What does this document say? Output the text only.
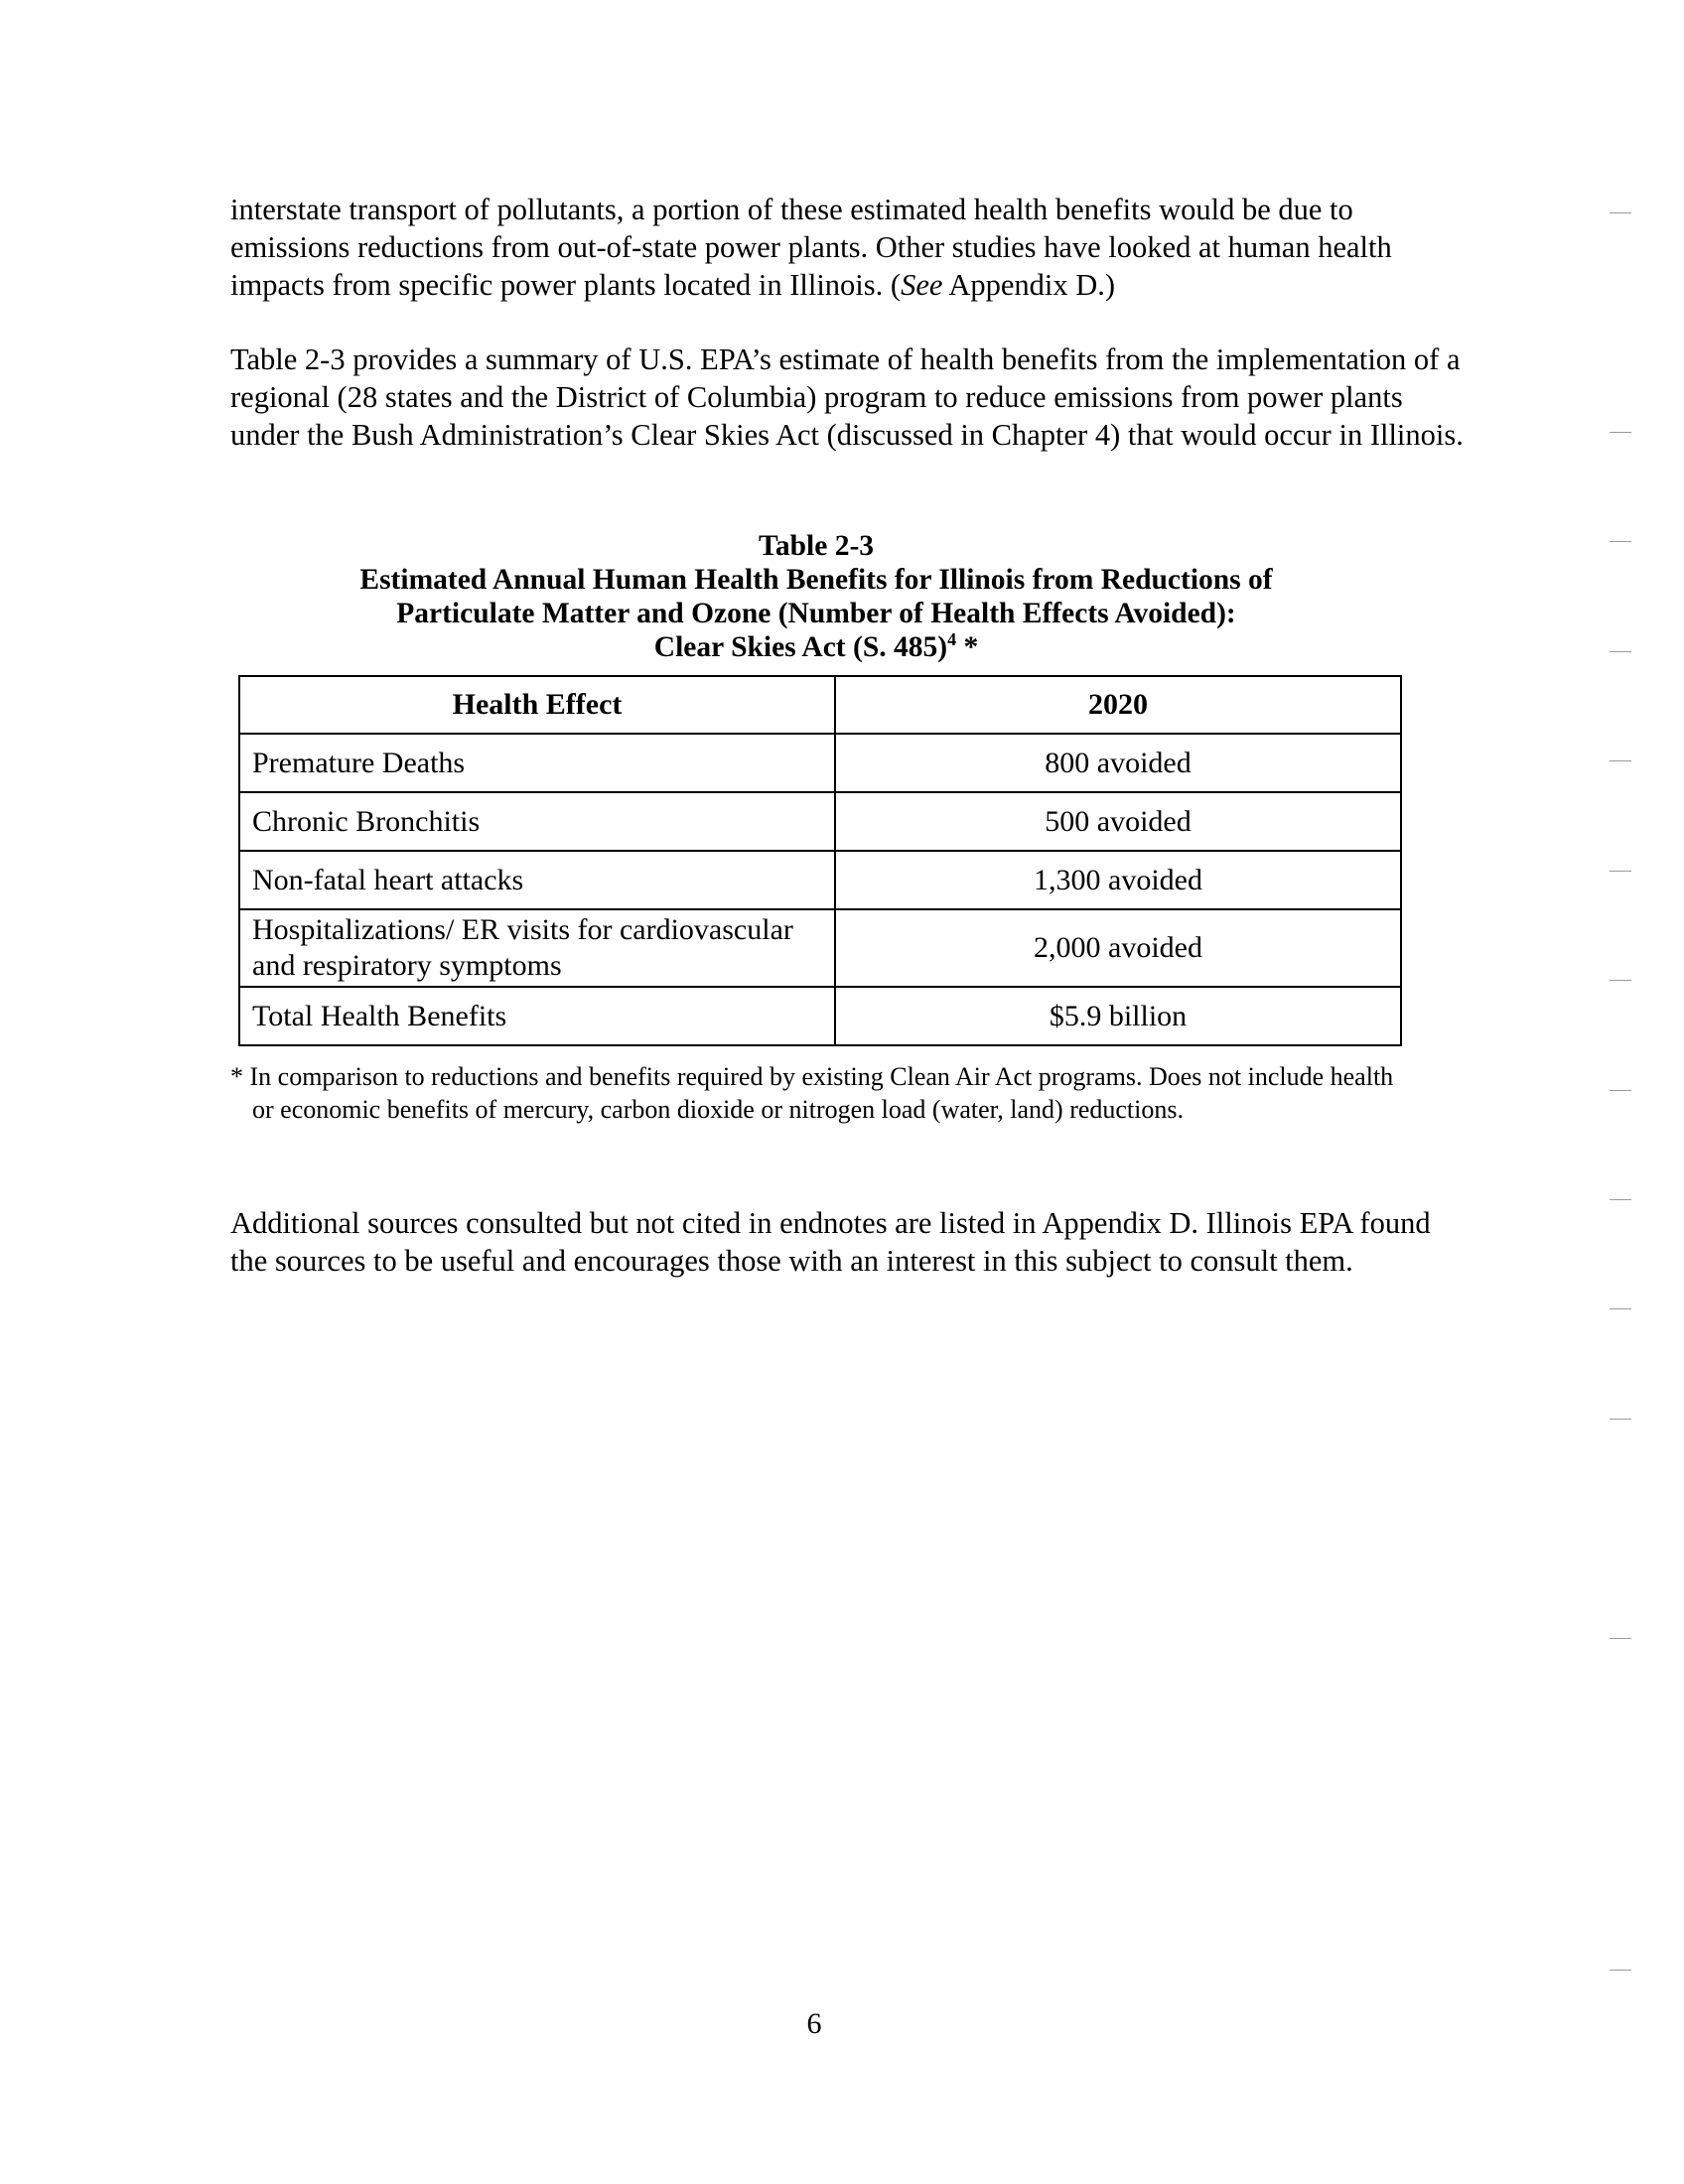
interstate transport of pollutants, a portion of these estimated health benefits would be due to emissions reductions from out-of-state power plants. Other studies have looked at human health impacts from specific power plants located in Illinois. (See Appendix D.)

Table 2-3 provides a summary of U.S. EPA’s estimate of health benefits from the implementation of a regional (28 states and the District of Columbia) program to reduce emissions from power plants under the Bush Administration’s Clear Skies Act (discussed in Chapter 4) that would occur in Illinois.

Table 2-3
Estimated Annual Human Health Benefits for Illinois from Reductions of
Particulate Matter and Ozone (Number of Health Effects Avoided):
Clear Skies Act (S. 485)$^4$ *
Health Effect	2020
Premature Deaths	800 avoided
Chronic Bronchitis	500 avoided
Non-fatal heart attacks	1,300 avoided
Hospitalizations/ ER visits for cardiovascular and respiratory symptoms	2,000 avoided
Total Health Benefits	$5.9 billion
* In comparison to reductions and benefits required by existing Clean Air Act programs. Does not include health or economic benefits of mercury, carbon dioxide or nitrogen load (water, land) reductions.

Additional sources consulted but not cited in endnotes are listed in Appendix D. Illinois EPA found the sources to be useful and encourages those with an interest in this subject to consult them.

6
